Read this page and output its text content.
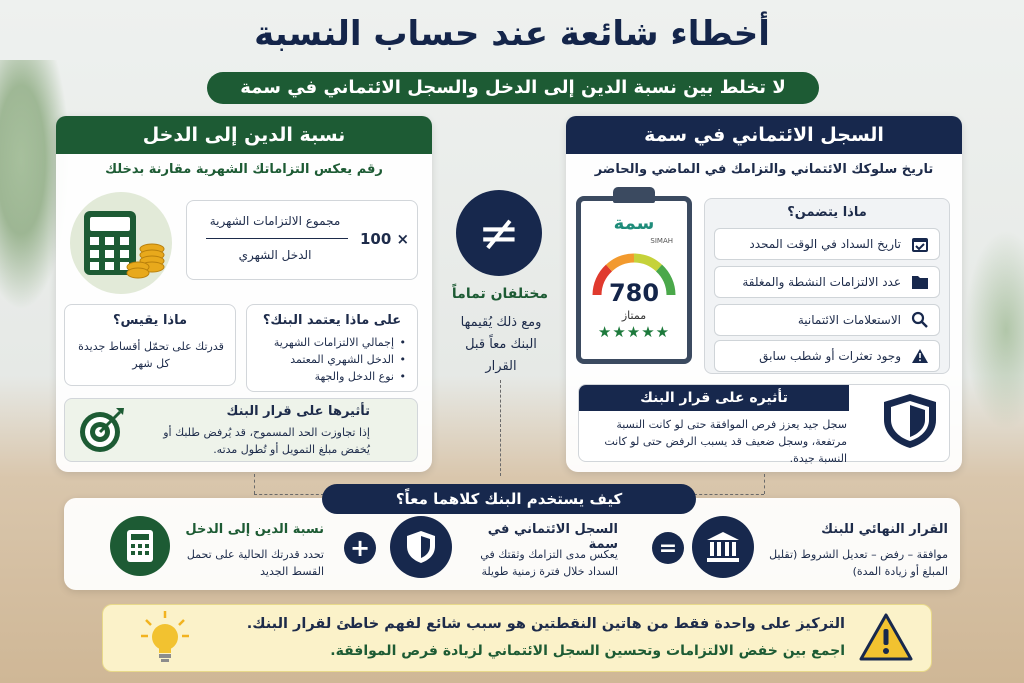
أخطاء شائعة عند حساب النسبة
لا تخلط بين نسبة الدين إلى الدخل والسجل الائتماني في سمة
السجل الائتماني في سمة
تاريخ سلوكك الائتماني والتزامك في الماضي والحاضر
سمة
SIMAH
780
ممتاز
★★★★★
ماذا يتضمن؟
تاريخ السداد في الوقت المحدد
عدد الالتزامات النشطة والمغلقة
الاستعلامات الائتمانية
وجود تعثرات أو شطب سابق
تأثيره على قرار البنك
سجل جيد يعزز فرص الموافقة حتى لو كانت النسبة مرتفعة، وسجل ضعيف قد يسبب الرفض حتى لو كانت النسبة جيدة.
≠
مختلفان تماماً
ومع ذلك يُقيمها البنك معاً قبل القرار
نسبة الدين إلى الدخل
رقم يعكس التزاماتك الشهرية مقارنة بدخلك
مجموع الالتزامات الشهرية
الدخل الشهري
100 ×
ماذا يقيس؟
قدرتك على تحمّل أقساط جديدة كل شهر
على ماذا يعتمد البنك؟
• إجمالي الالتزامات الشهرية
• الدخل الشهري المعتمد
• نوع الدخل والجهة
تأثيرها على قرار البنك
إذا تجاوزت الحد المسموح، قد يُرفض طلبك أو يُخفض مبلغ التمويل أو تُطول مدته.
كيف يستخدم البنك كلاهما معاً؟
نسبة الدين إلى الدخل
تحدد قدرتك الحالية على تحمل القسط الجديد
+
السجل الائتماني في سمة
يعكس مدى التزامك وثقتك في السداد خلال فترة زمنية طويلة
=
القرار النهائي للبنك
موافقة – رفض – تعديل الشروط (تقليل المبلغ أو زيادة المدة)
التركيز على واحدة فقط من هاتين النقطتين هو سبب شائع لفهم خاطئ لقرار البنك.
اجمع بين خفض الالتزامات وتحسين السجل الائتماني لزيادة فرص الموافقة.
